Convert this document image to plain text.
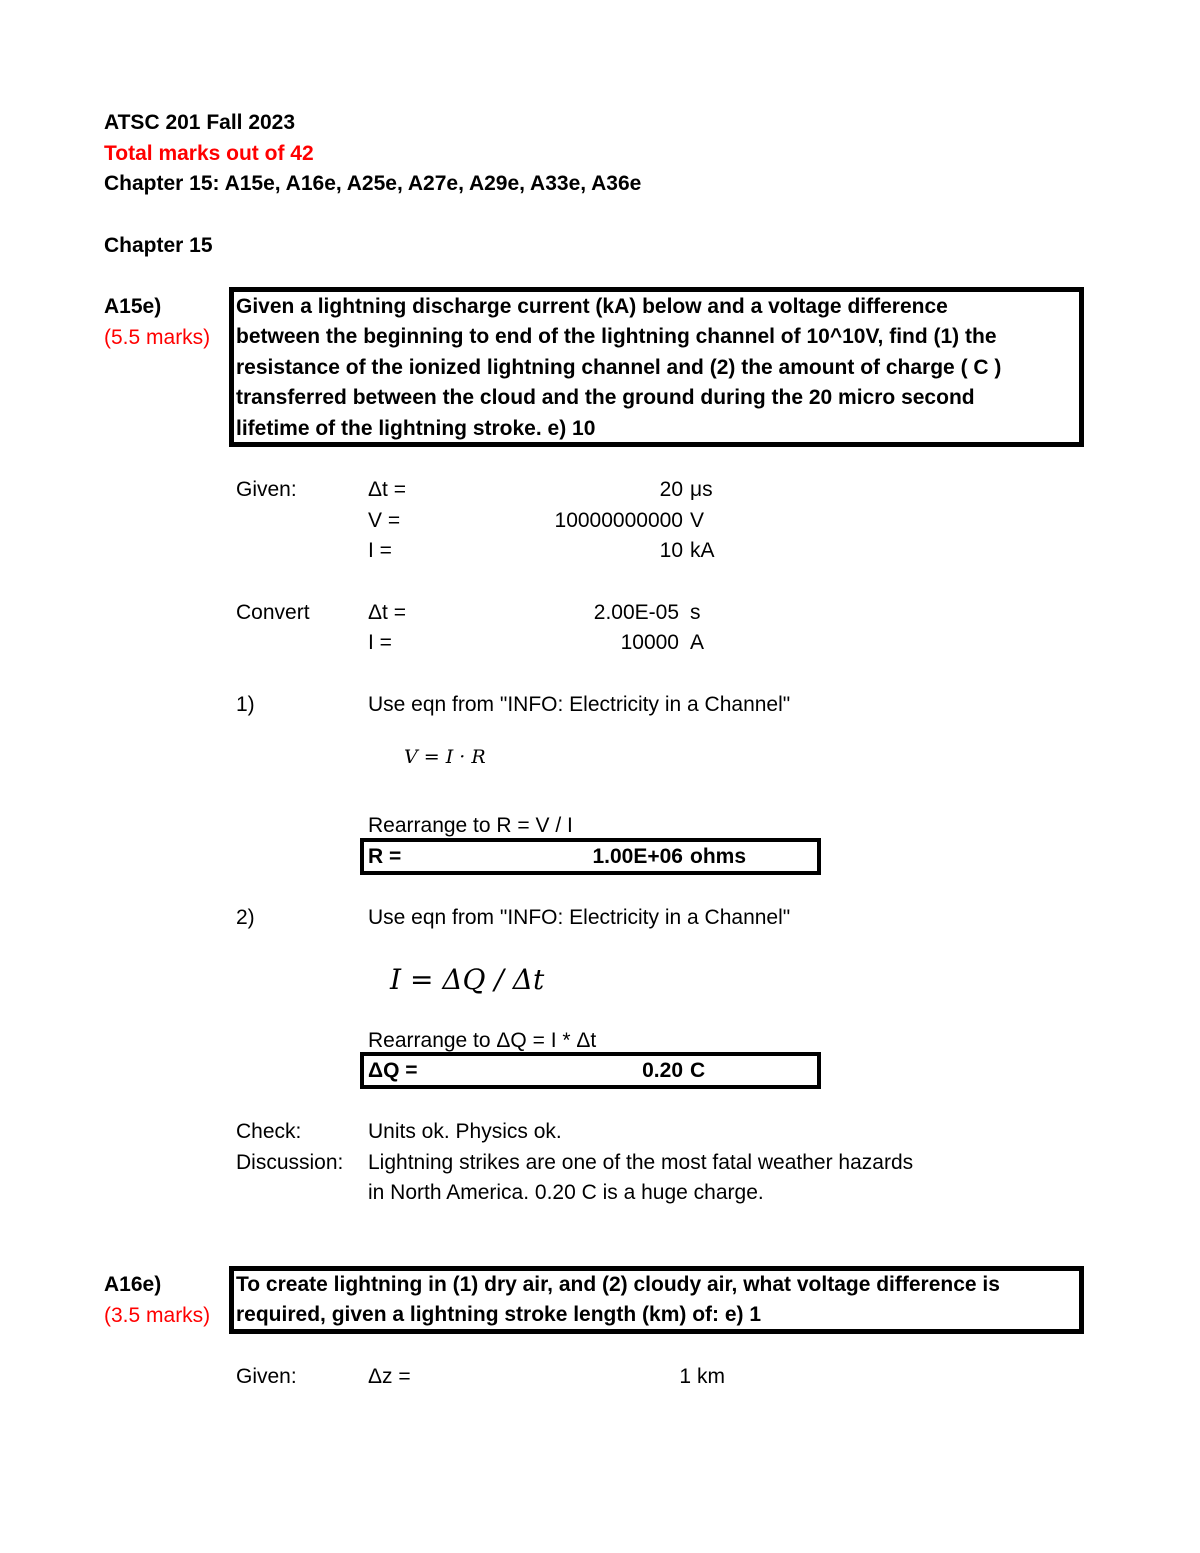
ATSC 201 Fall 2023
Total marks out of 42
Chapter 15: A15e, A16e, A25e, A27e, A29e, A33e, A36e
Chapter 15
A15e)
(5.5 marks)
Given a lightning discharge current (kA) below and a voltage difference
between the beginning to end of the lightning channel of 10^10V, find (1) the
resistance of the ionized lightning channel and (2) the amount of charge ( C )
transferred between the cloud and the ground during the 20 micro second
lifetime of the lightning stroke. e) 10
Given:	Δt =	20 μs
V =	10000000000 V
I =	10 kA
Convert	Δt =	2.00E-05 s
I =	10000 A
1)	Use eqn from "INFO: Electricity in a Channel"
V = I · R
Rearrange to R = V / I
R =	1.00E+06 ohms
2)	Use eqn from "INFO: Electricity in a Channel"
I = ΔQ / Δt
Rearrange to ΔQ = I * Δt
ΔQ =	0.20 C
Check:	Units ok. Physics ok.
Discussion: Lightning strikes are one of the most fatal weather hazards
in North America. 0.20 C is a huge charge.
A16e)
(3.5 marks)
To create lightning in (1) dry air, and (2) cloudy air, what voltage difference is
required, given a lightning stroke length (km) of: e) 1
Given:	Δz =	1 km
